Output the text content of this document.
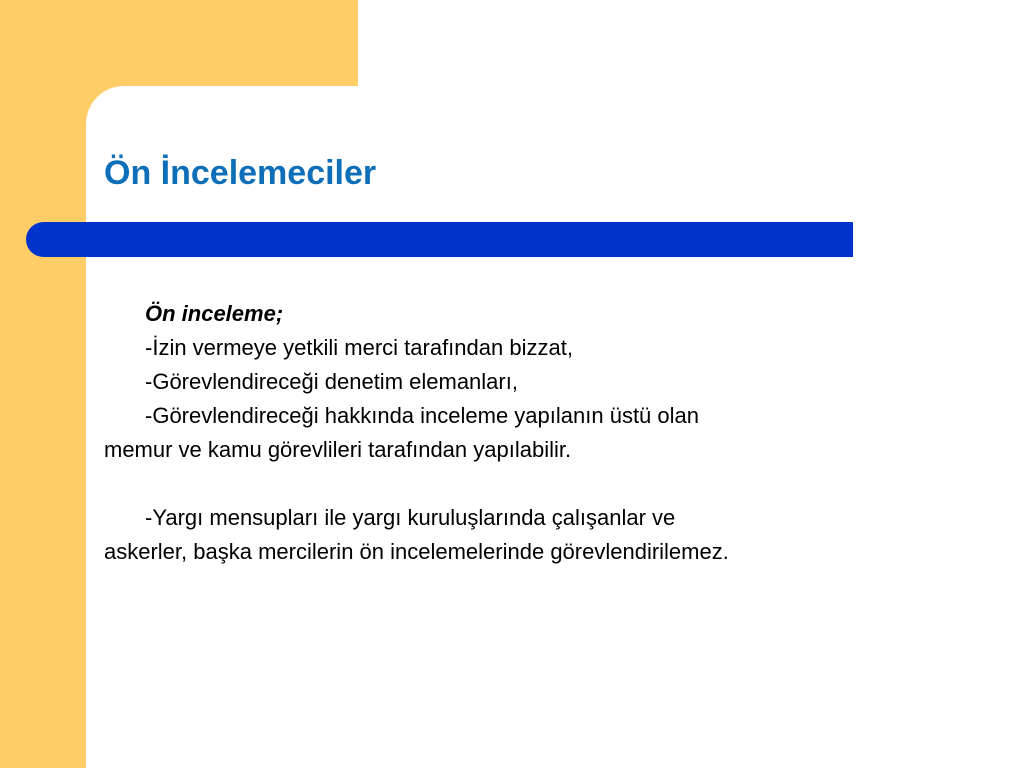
Ön İncelemeciler

Ön inceleme;

-İzin vermeye yetkili merci tarafından bizzat,

-Görevlendireceği denetim elemanları,

-Görevlendireceği hakkında inceleme yapılanın üstü olan

memur ve kamu görevlileri tarafından yapılabilir.

-Yargı mensupları ile yargı kuruluşlarında çalışanlar ve

askerler, başka mercilerin ön incelemelerinde görevlendirilemez.
